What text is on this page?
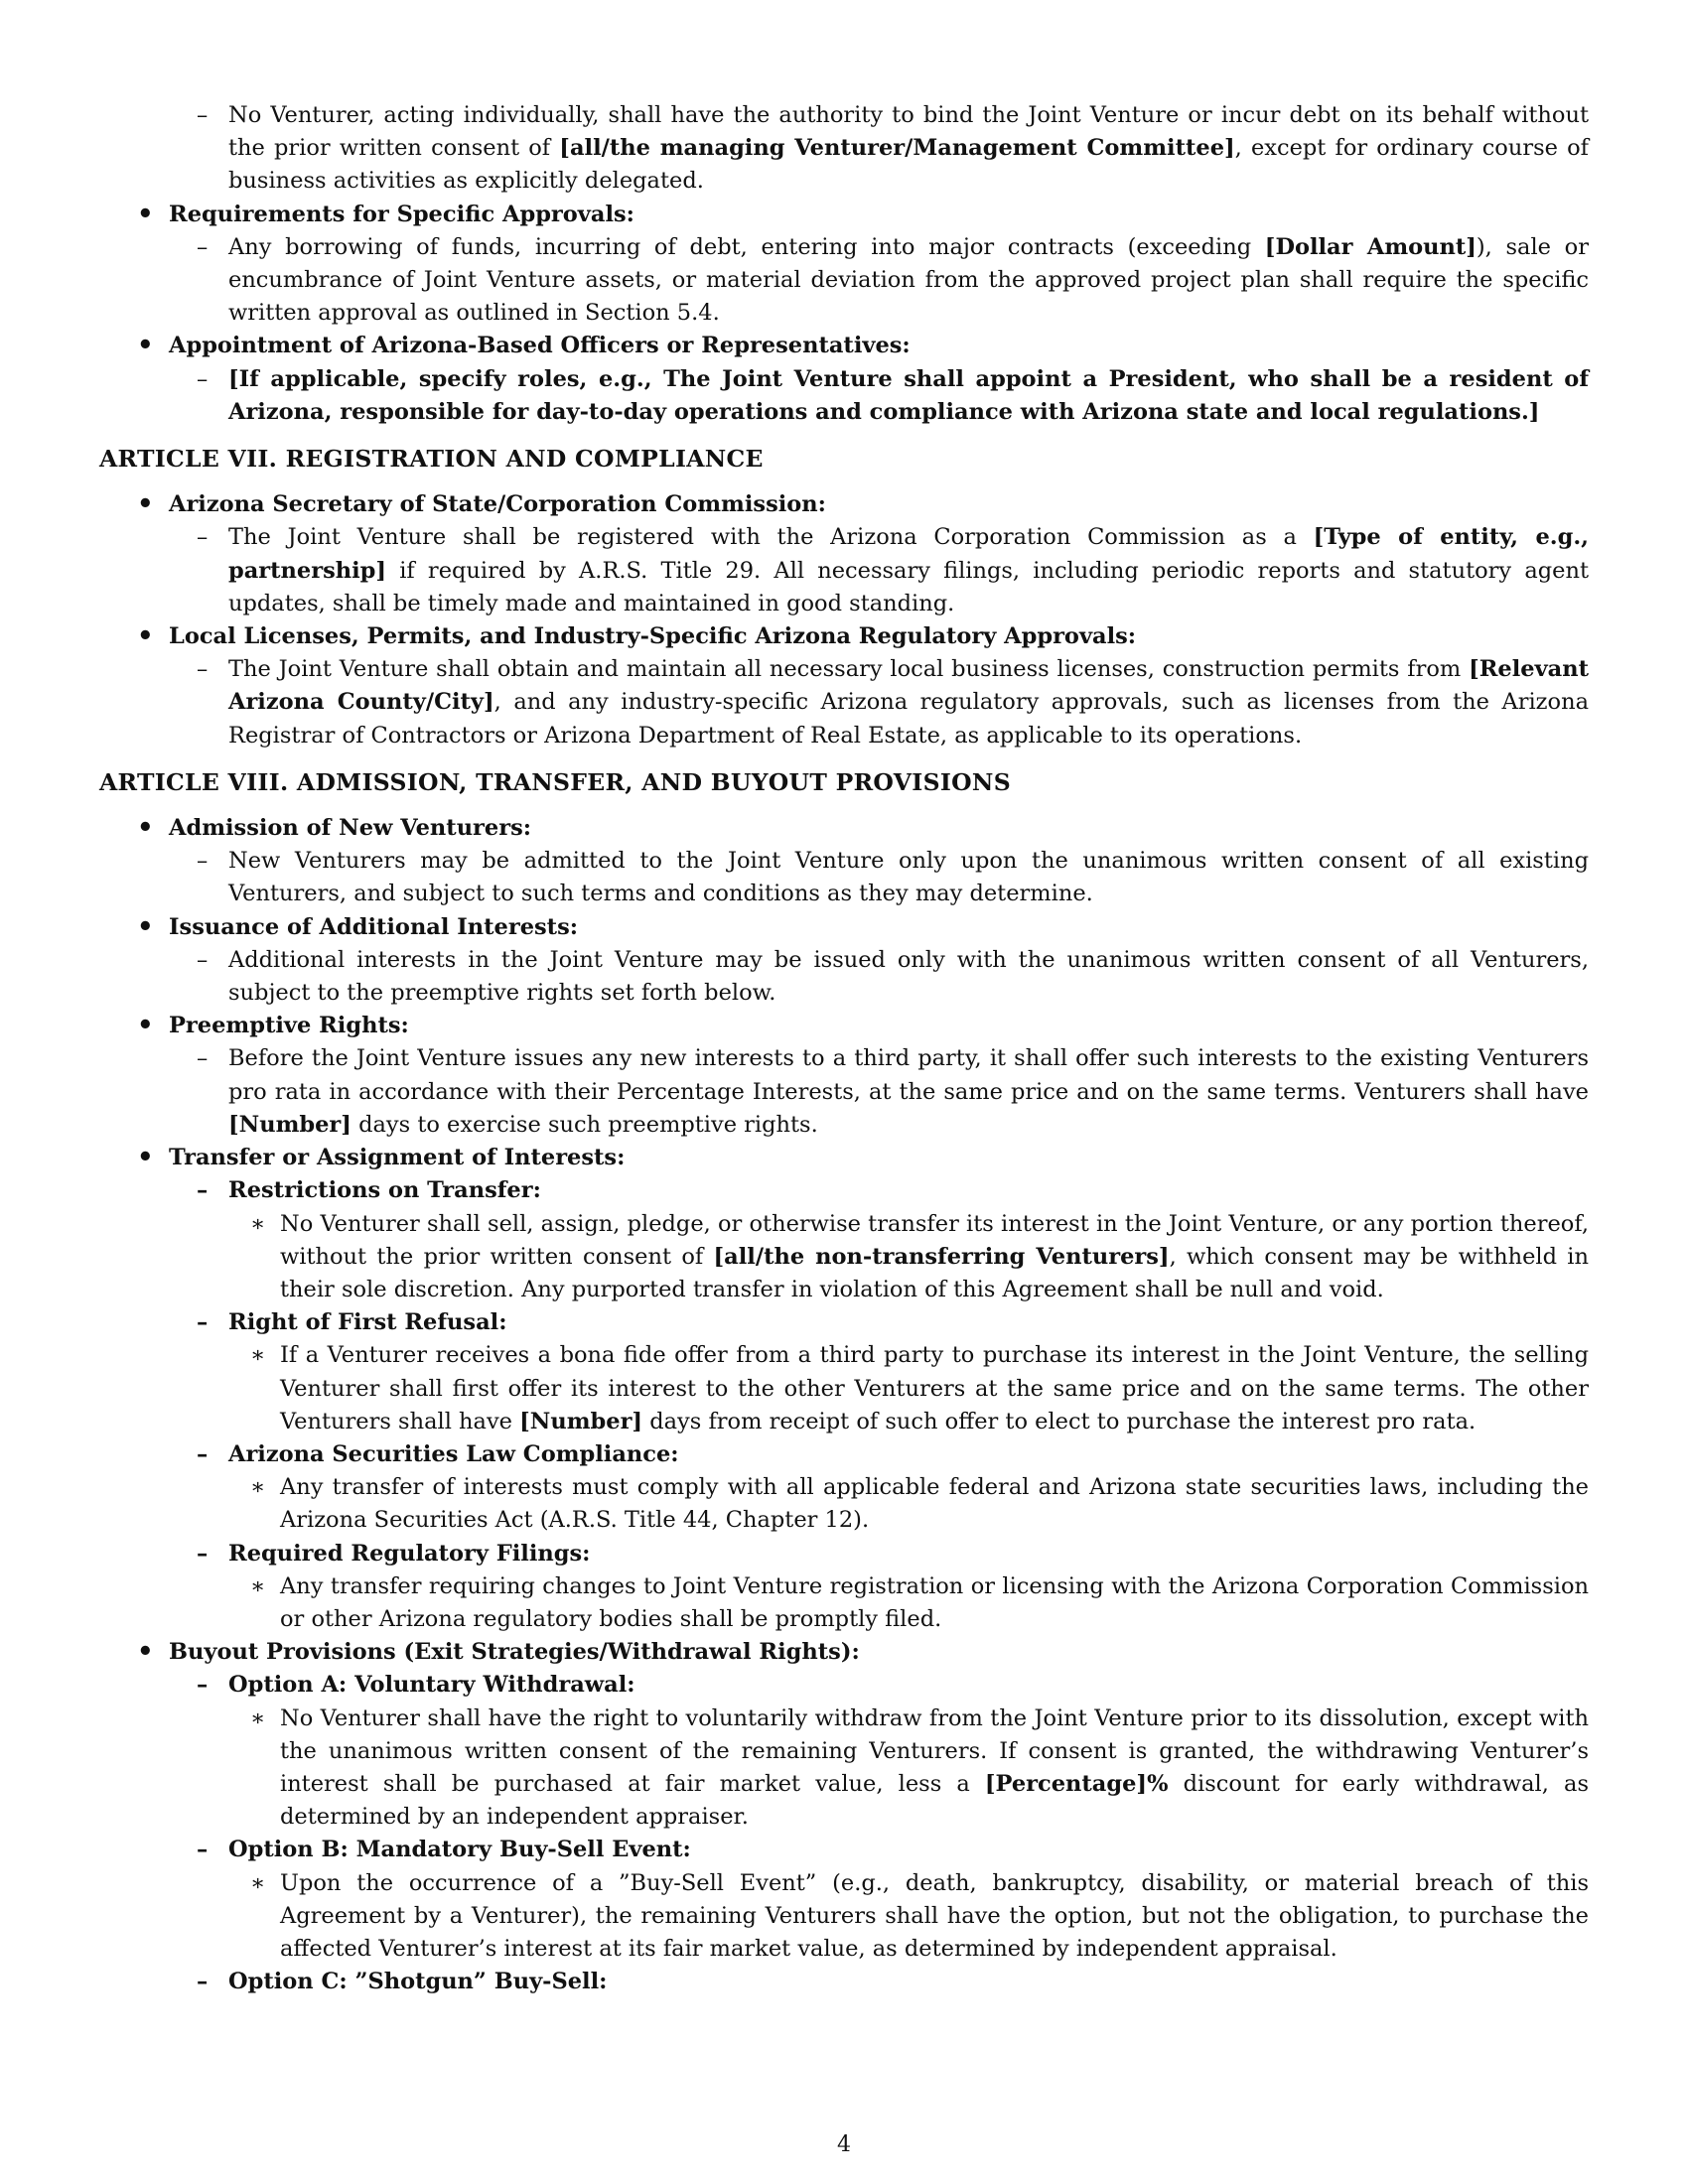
– No Venturer, acting individually, shall have the authority to bind the Joint Venture or incur debt on its behalf without the prior written consent of [all/the managing Venturer/Management Committee], except for ordinary course of business activities as explicitly delegated.
• Requirements for Specific Approvals:
– Any borrowing of funds, incurring of debt, entering into major contracts (exceeding [Dollar Amount]), sale or encumbrance of Joint Venture assets, or material deviation from the approved project plan shall require the specific written approval as outlined in Section 5.4.
• Appointment of Arizona-Based Officers or Representatives:
– [If applicable, specify roles, e.g., The Joint Venture shall appoint a President, who shall be a resident of Arizona, responsible for day-to-day operations and compliance with Arizona state and local regulations.]
ARTICLE VII. REGISTRATION AND COMPLIANCE
• Arizona Secretary of State/Corporation Commission:
– The Joint Venture shall be registered with the Arizona Corporation Commission as a [Type of entity, e.g., partnership] if required by A.R.S. Title 29. All necessary filings, including periodic reports and statutory agent updates, shall be timely made and maintained in good standing.
• Local Licenses, Permits, and Industry-Specific Arizona Regulatory Approvals:
– The Joint Venture shall obtain and maintain all necessary local business licenses, construction permits from [Relevant Arizona County/City], and any industry-specific Arizona regulatory approvals, such as licenses from the Arizona Registrar of Contractors or Arizona Department of Real Estate, as applicable to its operations.
ARTICLE VIII. ADMISSION, TRANSFER, AND BUYOUT PROVISIONS
• Admission of New Venturers:
– New Venturers may be admitted to the Joint Venture only upon the unanimous written consent of all existing Venturers, and subject to such terms and conditions as they may determine.
• Issuance of Additional Interests:
– Additional interests in the Joint Venture may be issued only with the unanimous written consent of all Venturers, subject to the preemptive rights set forth below.
• Preemptive Rights:
– Before the Joint Venture issues any new interests to a third party, it shall offer such interests to the existing Venturers pro rata in accordance with their Percentage Interests, at the same price and on the same terms. Venturers shall have [Number] days to exercise such preemptive rights.
• Transfer or Assignment of Interests:
– Restrictions on Transfer:
∗ No Venturer shall sell, assign, pledge, or otherwise transfer its interest in the Joint Venture, or any portion thereof, without the prior written consent of [all/the non-transferring Venturers], which consent may be withheld in their sole discretion. Any purported transfer in violation of this Agreement shall be null and void.
– Right of First Refusal:
∗ If a Venturer receives a bona fide offer from a third party to purchase its interest in the Joint Venture, the selling Venturer shall first offer its interest to the other Venturers at the same price and on the same terms. The other Venturers shall have [Number] days from receipt of such offer to elect to purchase the interest pro rata.
– Arizona Securities Law Compliance:
∗ Any transfer of interests must comply with all applicable federal and Arizona state securities laws, including the Arizona Securities Act (A.R.S. Title 44, Chapter 12).
– Required Regulatory Filings:
∗ Any transfer requiring changes to Joint Venture registration or licensing with the Arizona Corporation Commission or other Arizona regulatory bodies shall be promptly filed.
• Buyout Provisions (Exit Strategies/Withdrawal Rights):
– Option A: Voluntary Withdrawal:
∗ No Venturer shall have the right to voluntarily withdraw from the Joint Venture prior to its dissolution, except with the unanimous written consent of the remaining Venturers. If consent is granted, the withdrawing Venturer’s interest shall be purchased at fair market value, less a [Percentage]% discount for early withdrawal, as determined by an independent appraiser.
– Option B: Mandatory Buy-Sell Event:
∗ Upon the occurrence of a ”Buy-Sell Event” (e.g., death, bankruptcy, disability, or material breach of this Agreement by a Venturer), the remaining Venturers shall have the option, but not the obligation, to purchase the affected Venturer’s interest at its fair market value, as determined by independent appraisal.
– Option C: ”Shotgun” Buy-Sell:
4
